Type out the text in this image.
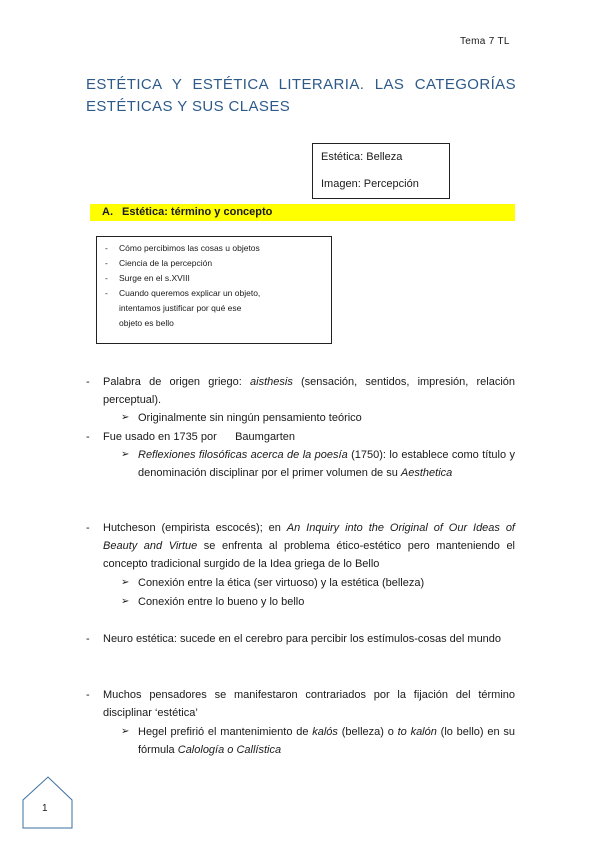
Tema 7 TL
ESTÉTICA Y ESTÉTICA LITERARIA. LAS CATEGORÍAS ESTÉTICAS Y SUS CLASES
Estética: Belleza
Imagen: Percepción
A. Estética: término y concepto
- Cómo percibimos las cosas u objetos
- Ciencia de la percepción
- Surge en el s.XVIII
- Cuando queremos explicar un objeto,
intentamos justificar por qué ese
objeto es bello
- Palabra de origen griego: aisthesis (sensación, sentidos, impresión, relación perceptual).
➢ Originalmente sin ningún pensamiento teórico
- Fue usado en 1735 por      Baumgarten
➢ Reflexiones filosóficas acerca de la poesía (1750): lo establece como título y denominación disciplinar por el primer volumen de su Aesthetica
- Hutcheson (empirista escocés); en An Inquiry into the Original of Our Ideas of Beauty and Virtue se enfrenta al problema ético-estético pero manteniendo el concepto tradicional surgido de la Idea griega de lo Bello
➢ Conexión entre la ética (ser virtuoso) y la estética (belleza)
➢ Conexión entre lo bueno y lo bello
- Neuro estética: sucede en el cerebro para percibir los estímulos-cosas del mundo
- Muchos pensadores se manifestaron contrariados por la fijación del término disciplinar ‘estética’
➢ Hegel prefirió el mantenimiento de kalós (belleza) o to kalón (lo bello) en su fórmula Calología o Callística
1
